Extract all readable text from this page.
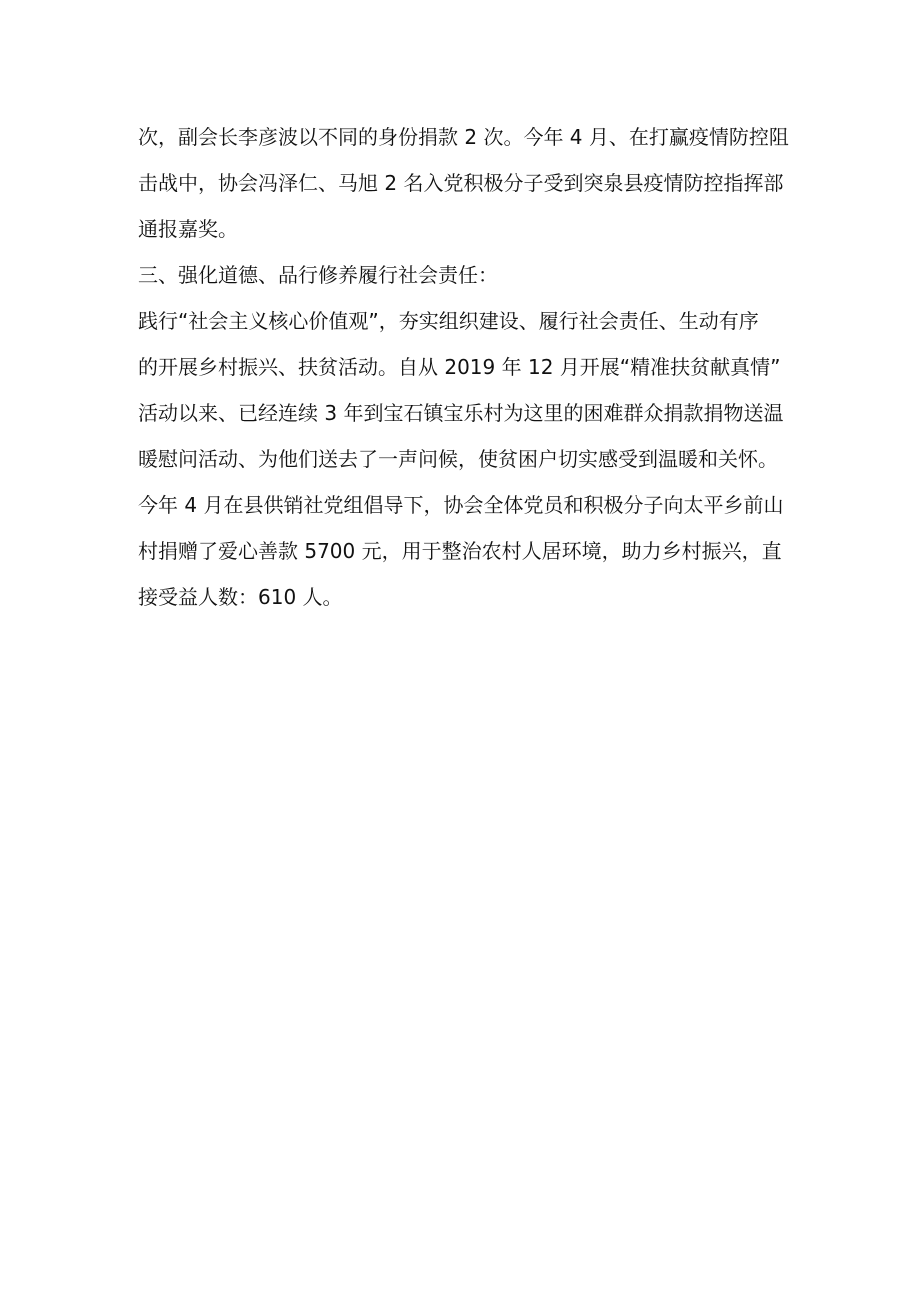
次，副会长李彦波以不同的身份捐款 2 次。今年 4 月、在打赢疫情防控阻
击战中，协会冯泽仁、马旭 2 名入党积极分子受到突泉县疫情防控指挥部
通报嘉奖。
三、强化道德、品行修养履行社会责任：
践行“社会主义核心价值观”，夯实组织建设、履行社会责任、生动有序
的开展乡村振兴、扶贫活动。自从 2019 年 12 月开展“精准扶贫献真情”
活动以来、已经连续 3 年到宝石镇宝乐村为这里的困难群众捐款捐物送温
暖慰问活动、为他们送去了一声问候，使贫困户切实感受到温暖和关怀。
今年 4 月在县供销社党组倡导下，协会全体党员和积极分子向太平乡前山
村捐赠了爱心善款 5700 元，用于整治农村人居环境，助力乡村振兴，直
接受益人数：610 人。
